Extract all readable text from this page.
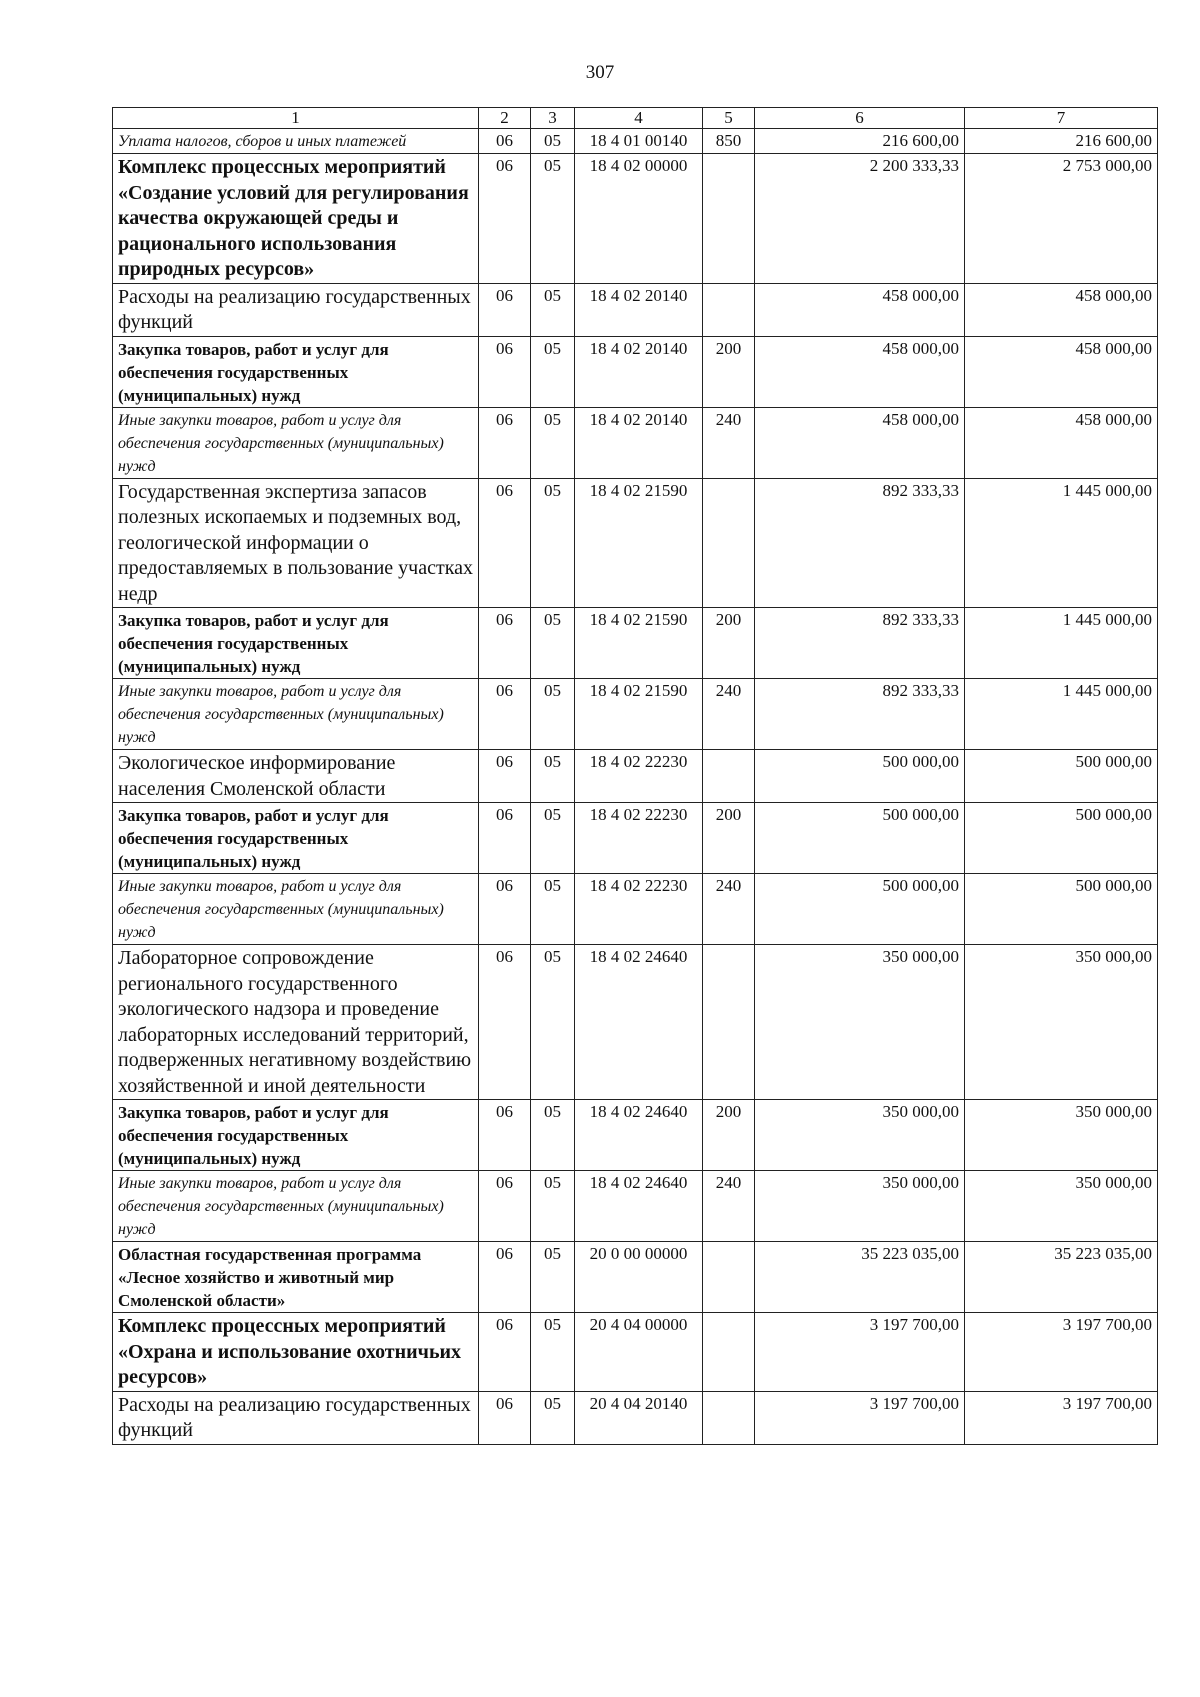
307
1	2	3	4	5	6	7
Уплата налогов, сборов и иных платежей	06	05	18 4 01 00140	850	216 600,00	216 600,00
Комплекс процессных мероприятий «Создание условий для регулирования качества окружающей среды и рационального использования природных ресурсов»	06	05	18 4 02 00000		2 200 333,33	2 753 000,00
Расходы на реализацию государственных функций	06	05	18 4 02 20140		458 000,00	458 000,00
Закупка товаров, работ и услуг для обеспечения государственных (муниципальных) нужд	06	05	18 4 02 20140	200	458 000,00	458 000,00
Иные закупки товаров, работ и услуг для обеспечения государственных (муниципальных) нужд	06	05	18 4 02 20140	240	458 000,00	458 000,00
Государственная экспертиза запасов полезных ископаемых и подземных вод, геологической информации о предоставляемых в пользование участках недр	06	05	18 4 02 21590		892 333,33	1 445 000,00
Закупка товаров, работ и услуг для обеспечения государственных (муниципальных) нужд	06	05	18 4 02 21590	200	892 333,33	1 445 000,00
Иные закупки товаров, работ и услуг для обеспечения государственных (муниципальных) нужд	06	05	18 4 02 21590	240	892 333,33	1 445 000,00
Экологическое информирование населения Смоленской области	06	05	18 4 02 22230		500 000,00	500 000,00
Закупка товаров, работ и услуг для обеспечения государственных (муниципальных) нужд	06	05	18 4 02 22230	200	500 000,00	500 000,00
Иные закупки товаров, работ и услуг для обеспечения государственных (муниципальных) нужд	06	05	18 4 02 22230	240	500 000,00	500 000,00
Лабораторное сопровождение регионального государственного экологического надзора и проведение лабораторных исследований территорий, подверженных негативному воздействию хозяйственной и иной деятельности	06	05	18 4 02 24640		350 000,00	350 000,00
Закупка товаров, работ и услуг для обеспечения государственных (муниципальных) нужд	06	05	18 4 02 24640	200	350 000,00	350 000,00
Иные закупки товаров, работ и услуг для обеспечения государственных (муниципальных) нужд	06	05	18 4 02 24640	240	350 000,00	350 000,00
Областная государственная программа «Лесное хозяйство и животный мир Смоленской области»	06	05	20 0 00 00000		35 223 035,00	35 223 035,00
Комплекс процессных мероприятий «Охрана и использование охотничьих ресурсов»	06	05	20 4 04 00000		3 197 700,00	3 197 700,00
Расходы на реализацию государственных функций	06	05	20 4 04 20140		3 197 700,00	3 197 700,00
